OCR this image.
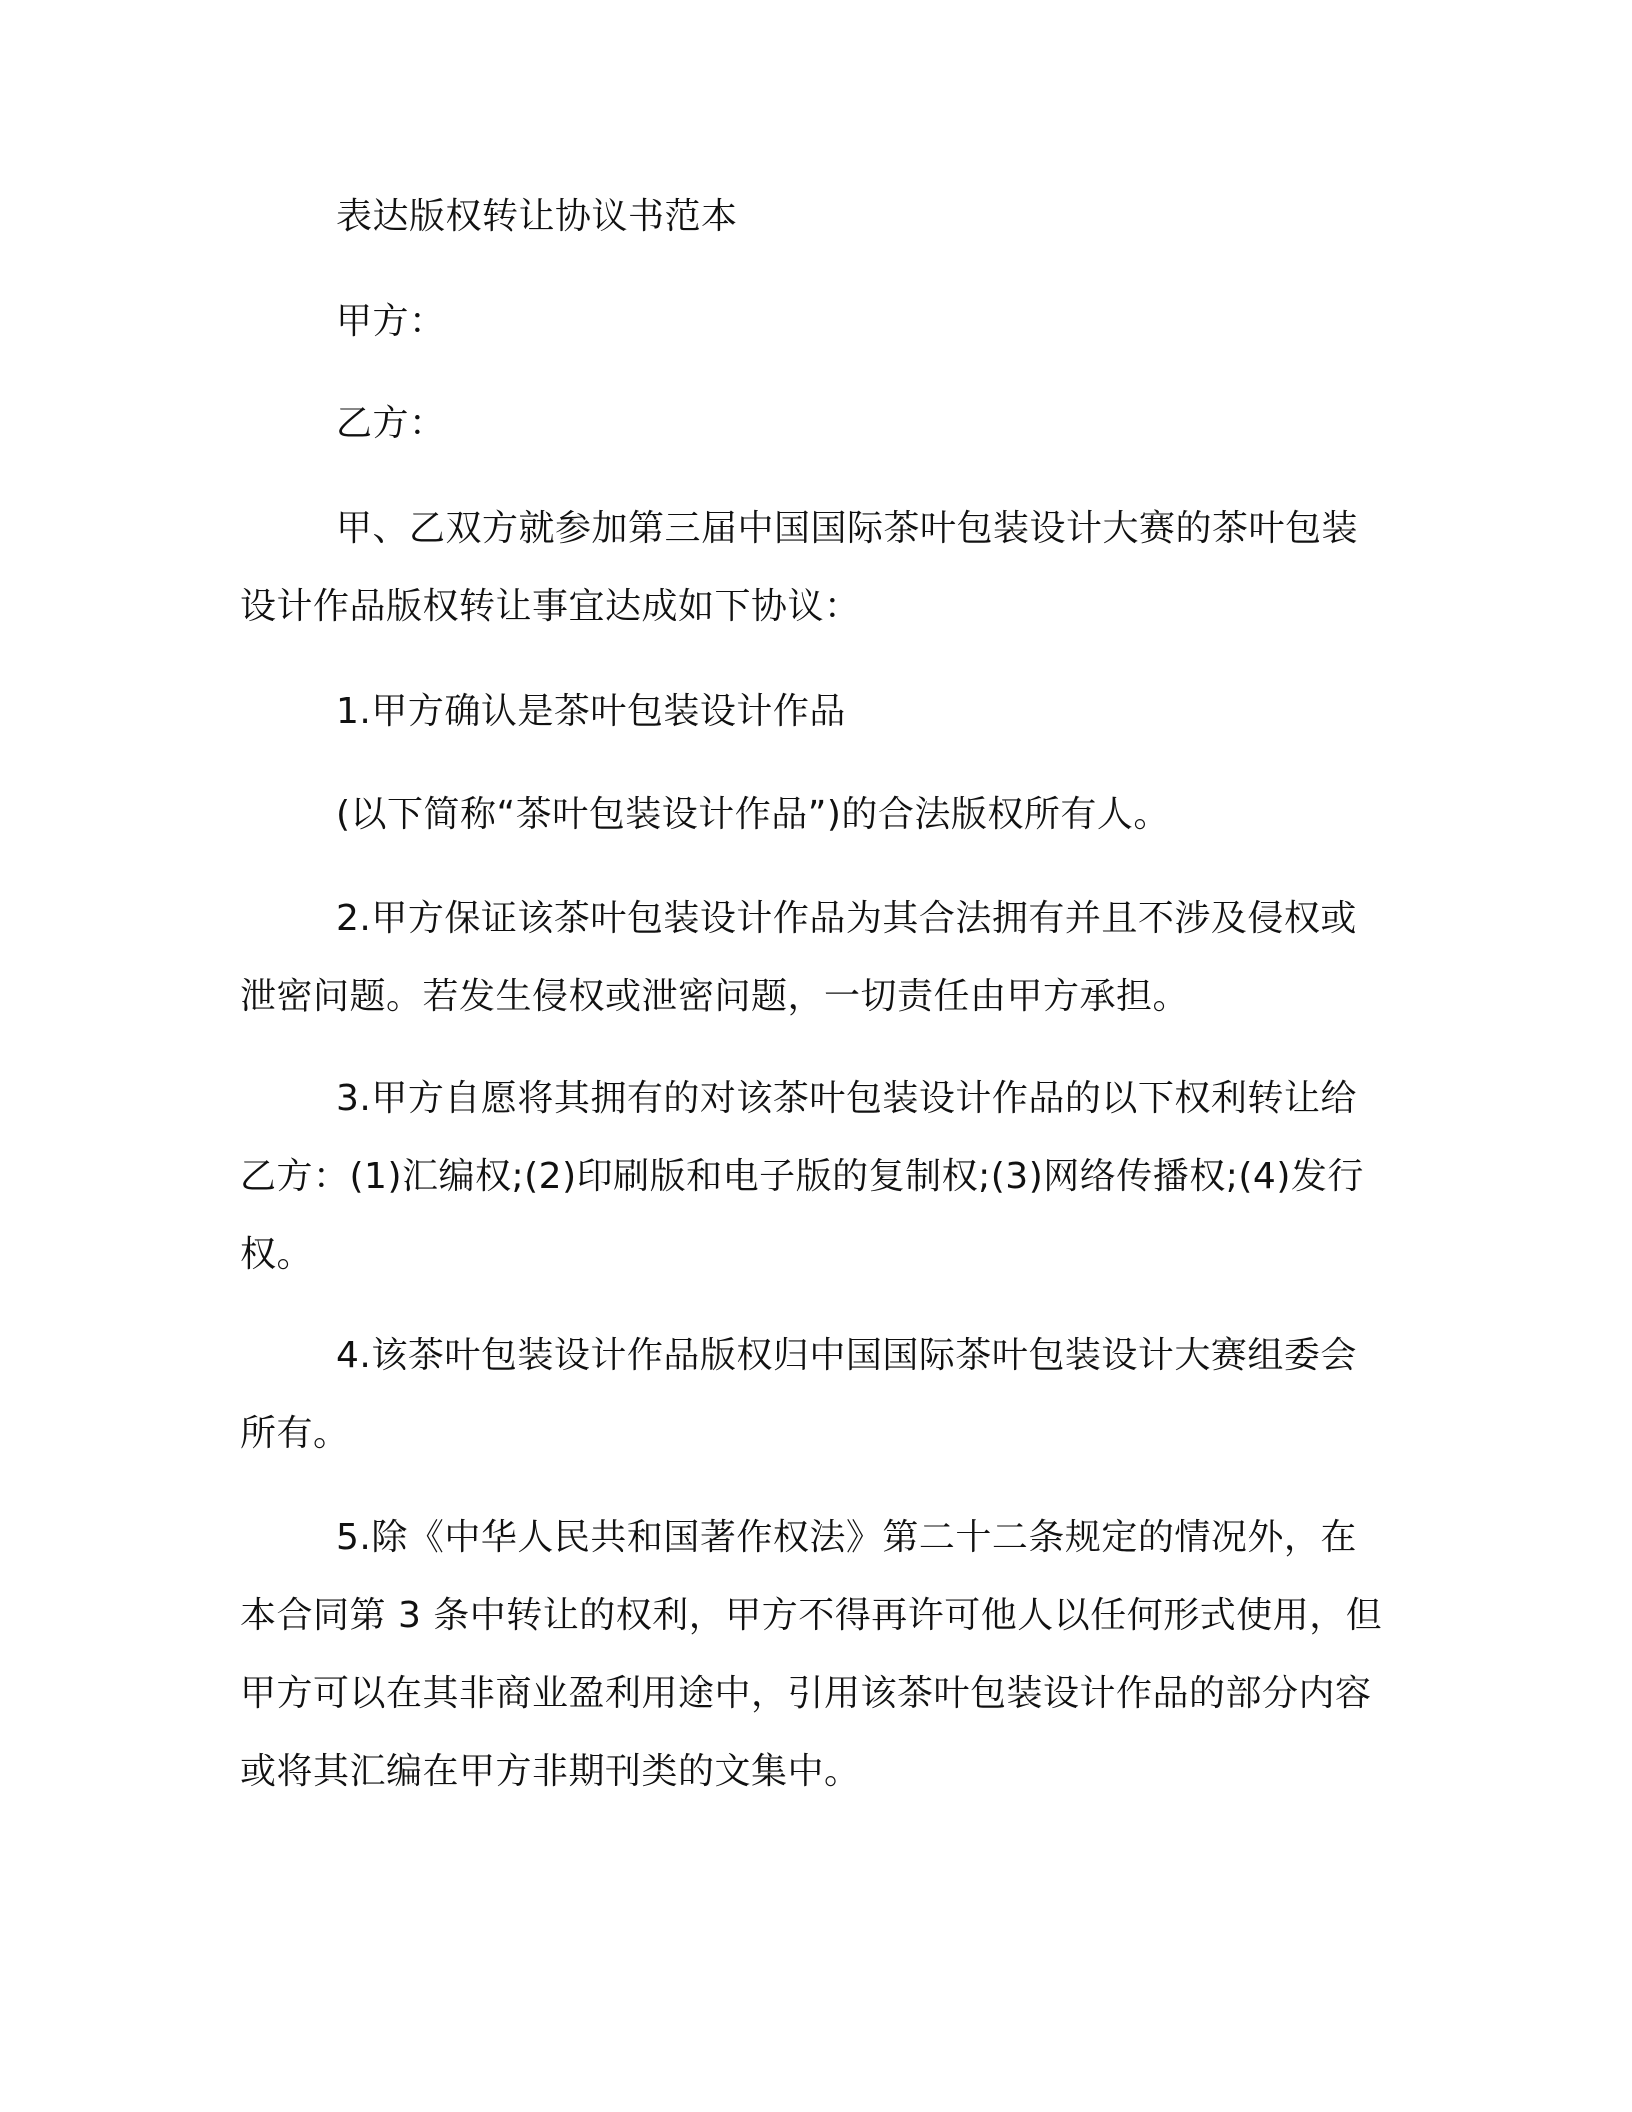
表达版权转让协议书范本

甲方：

乙方：

甲、乙双方就参加第三届中国国际茶叶包装设计大赛的茶叶包装设计作品版权转让事宜达成如下协议：

1.甲方确认是茶叶包装设计作品

(以下简称“茶叶包装设计作品”)的合法版权所有人。

2.甲方保证该茶叶包装设计作品为其合法拥有并且不涉及侵权或泄密问题。若发生侵权或泄密问题，一切责任由甲方承担。

3.甲方自愿将其拥有的对该茶叶包装设计作品的以下权利转让给乙方：(1)汇编权;(2)印刷版和电子版的复制权;(3)网络传播权;(4)发行权。

4.该茶叶包装设计作品版权归中国国际茶叶包装设计大赛组委会所有。

5.除《中华人民共和国著作权法》第二十二条规定的情况外，在本合同第 3 条中转让的权利，甲方不得再许可他人以任何形式使用，但甲方可以在其非商业盈利用途中，引用该茶叶包装设计作品的部分内容或将其汇编在甲方非期刊类的文集中。
